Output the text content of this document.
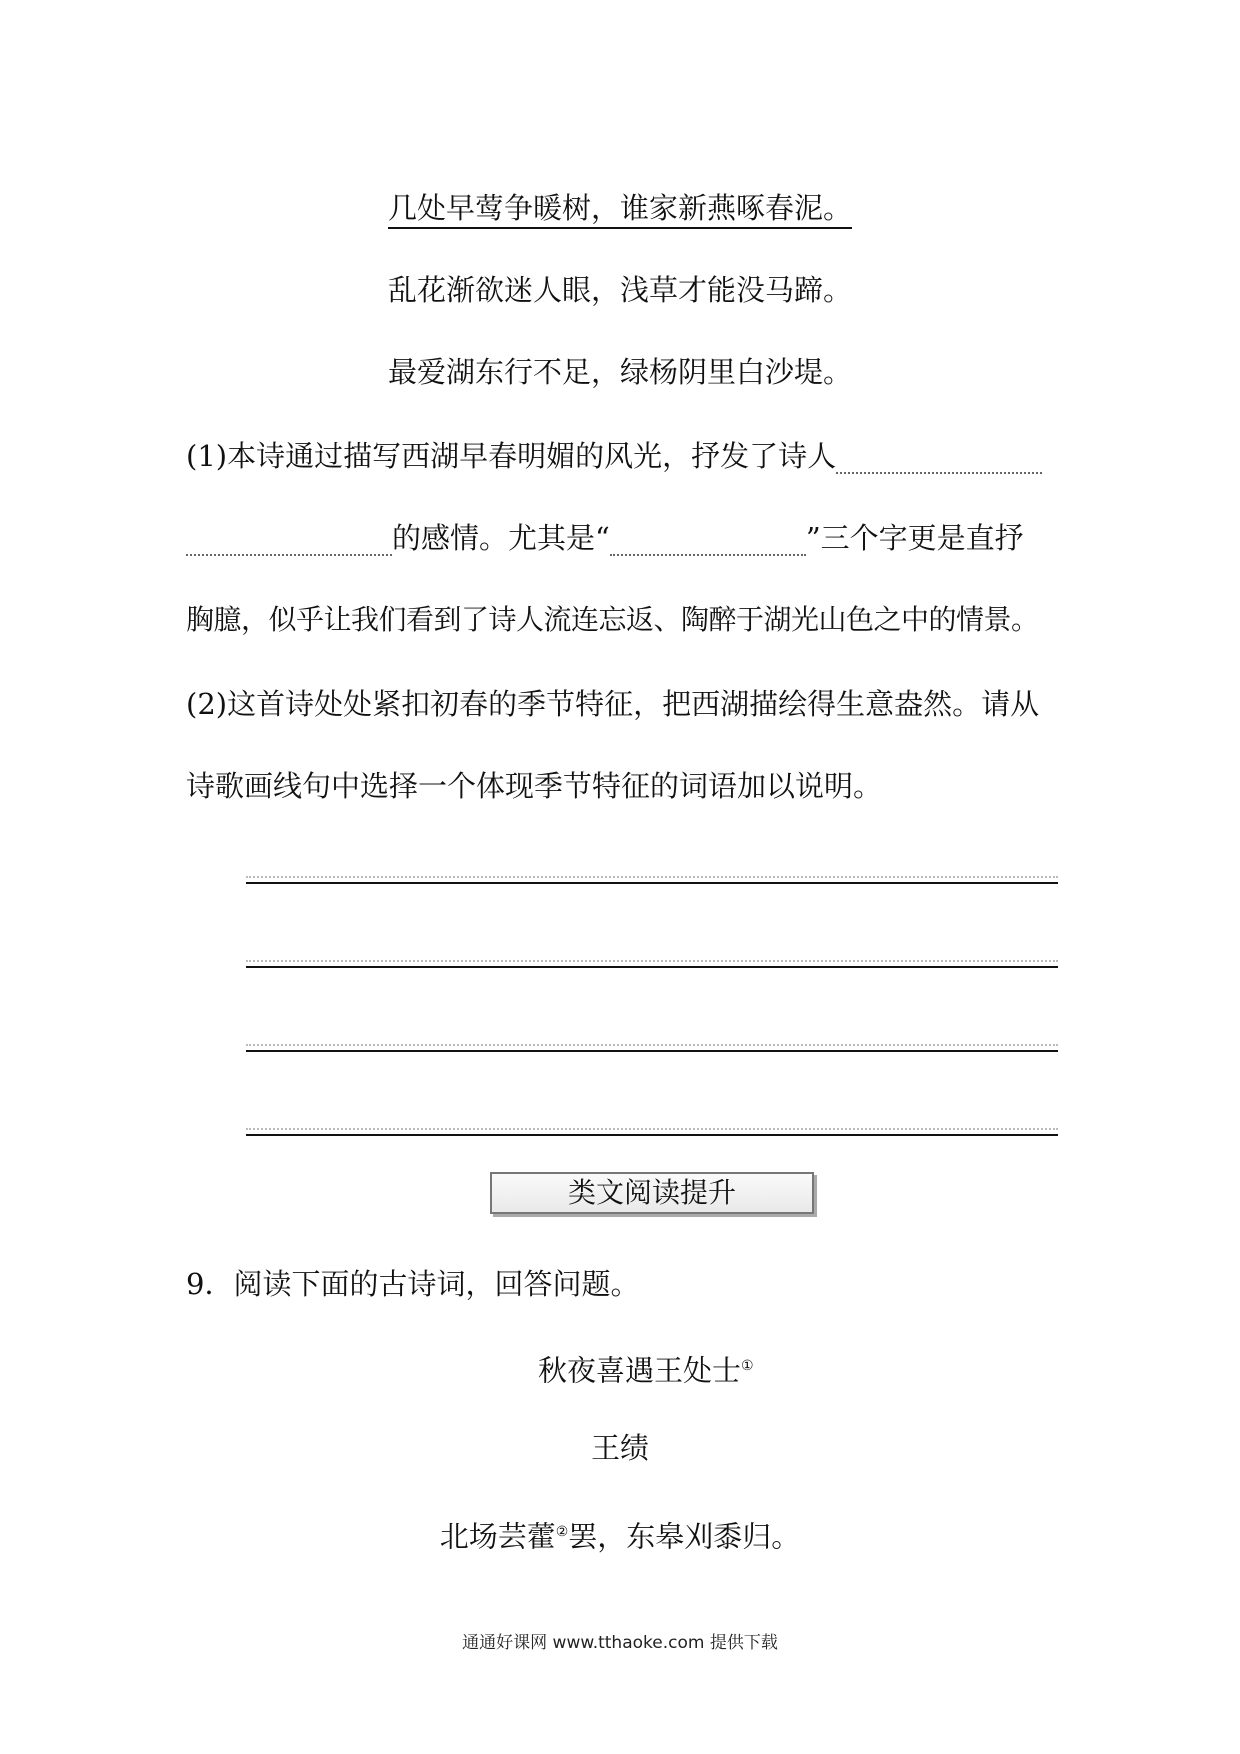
几处早莺争暖树，谁家新燕啄春泥。
乱花渐欲迷人眼，浅草才能没马蹄。
最爱湖东行不足，绿杨阴里白沙堤。
(1)本诗通过描写西湖早春明媚的风光，抒发了诗人
的感情。尤其是“	”三个字更是直抒
胸臆，似乎让我们看到了诗人流连忘返、陶醉于湖光山色之中的情景。
(2)这首诗处处紧扣初春的季节特征，把西湖描绘得生意盎然。请从
诗歌画线句中选择一个体现季节特征的词语加以说明。
类文阅读提升
9．阅读下面的古诗词，回答问题。
秋夜喜遇王处士①
王绩
北场芸藿②罢，东皋刈黍归。
通通好课网 www.tthaoke.com 提供下载
